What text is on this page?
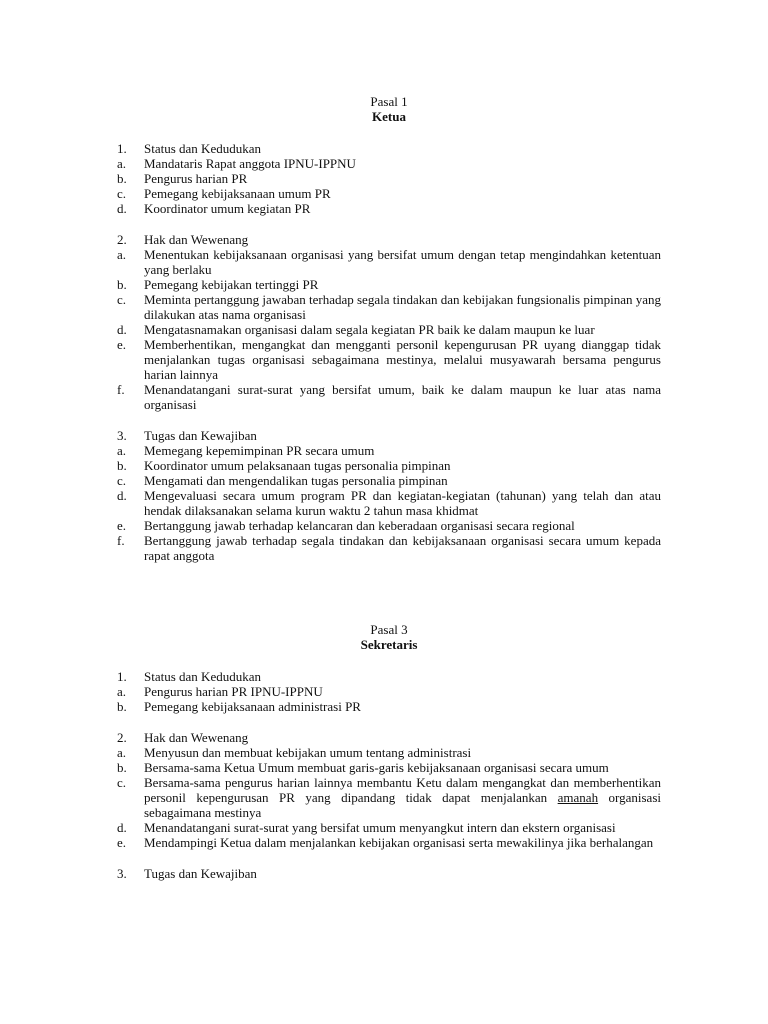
Pasal 1
Ketua
1.	Status dan Kedudukan
a.	Mandataris Rapat anggota IPNU-IPPNU
b.	Pengurus harian PR
c.	Pemegang kebijaksanaan umum PR
d.	Koordinator umum kegiatan PR
2.	Hak dan Wewenang
a.	Menentukan kebijaksanaan organisasi yang bersifat umum dengan tetap mengindahkan ketentuan yang berlaku
b.	Pemegang kebijakan tertinggi PR
c.	Meminta pertanggung jawaban terhadap segala tindakan dan kebijakan fungsionalis pimpinan yang dilakukan atas nama organisasi
d.	Mengatasnamakan organisasi dalam segala kegiatan PR baik ke dalam maupun ke luar
e.	Memberhentikan, mengangkat dan mengganti personil kepengurusan PR uyang dianggap tidak menjalankan tugas organisasi sebagaimana mestinya, melalui musyawarah bersama pengurus harian lainnya
f.	Menandatangani surat-surat yang bersifat umum, baik ke dalam maupun ke luar atas nama organisasi
3.	Tugas dan Kewajiban
a.	Memegang kepemimpinan PR secara umum
b.	Koordinator umum pelaksanaan tugas personalia pimpinan
c.	Mengamati dan mengendalikan tugas personalia pimpinan
d.	Mengevaluasi secara umum program PR dan kegiatan-kegiatan (tahunan) yang telah dan atau hendak dilaksanakan selama kurun waktu 2 tahun masa khidmat
e.	Bertanggung jawab terhadap kelancaran dan keberadaan organisasi secara regional
f.	Bertanggung jawab terhadap segala tindakan dan kebijaksanaan organisasi secara umum kepada rapat anggota
Pasal 3
Sekretaris
1.	Status dan Kedudukan
a.	Pengurus harian PR IPNU-IPPNU
b.	Pemegang kebijaksanaan administrasi PR
2.	Hak dan Wewenang
a.	Menyusun dan membuat kebijakan umum tentang administrasi
b.	Bersama-sama Ketua Umum membuat garis-garis kebijaksanaan organisasi secara umum
c.	Bersama-sama pengurus harian lainnya membantu Ketu dalam mengangkat dan memberhentikan personil kepengurusan PR yang dipandang tidak dapat menjalankan amanah organisasi sebagaimana mestinya
d.	Menandatangani surat-surat yang bersifat umum menyangkut intern dan ekstern organisasi
e.	Mendampingi Ketua dalam menjalankan kebijakan organisasi serta mewakilinya jika berhalangan
3.	Tugas dan Kewajiban
